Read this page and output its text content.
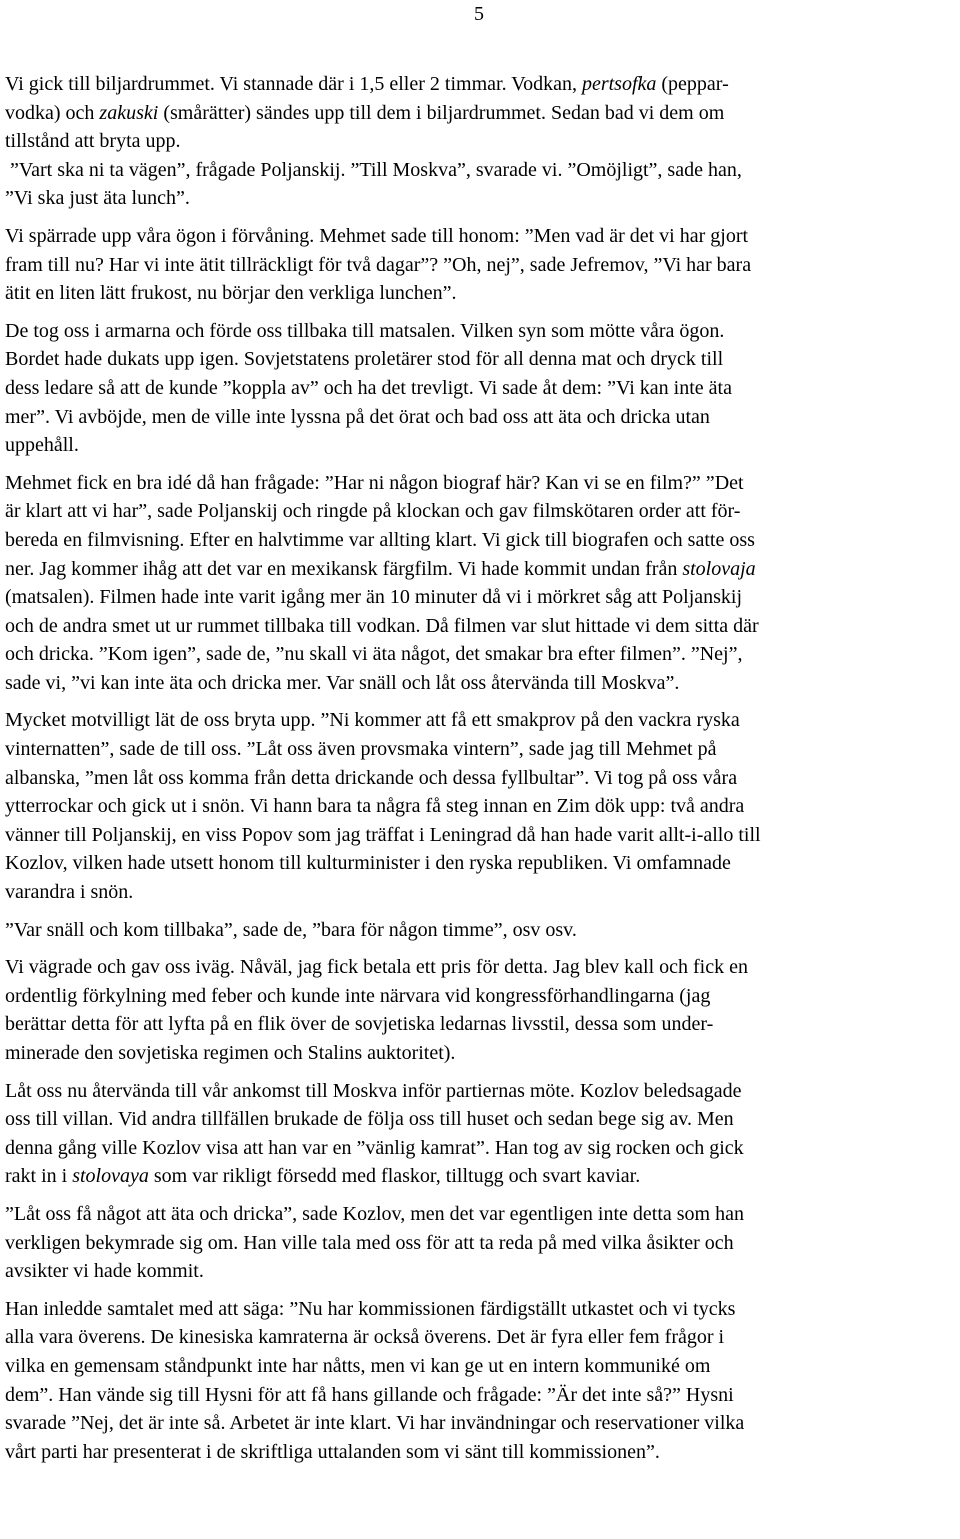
5

Vi gick till biljardrummet. Vi stannade där i 1,5 eller 2 timmar. Vodkan, pertsofka (peppar-
vodka) och zakuski (smårätter) sändes upp till dem i biljardrummet. Sedan bad vi dem om
tillstånd att bryta upp.
”Vart ska ni ta vägen”, frågade Poljanskij. ”Till Moskva”, svarade vi. ”Omöjligt”, sade han,
”Vi ska just äta lunch”.

Vi spärrade upp våra ögon i förvåning. Mehmet sade till honom: ”Men vad är det vi har gjort
fram till nu? Har vi inte ätit tillräckligt för två dagar”? ”Oh, nej”, sade Jefremov, ”Vi har bara
ätit en liten lätt frukost, nu börjar den verkliga lunchen”.

De tog oss i armarna och förde oss tillbaka till matsalen. Vilken syn som mötte våra ögon.
Bordet hade dukats upp igen. Sovjetstatens proletärer stod för all denna mat och dryck till
dess ledare så att de kunde ”koppla av” och ha det trevligt. Vi sade åt dem: ”Vi kan inte äta
mer”. Vi avböjde, men de ville inte lyssna på det örat och bad oss att äta och dricka utan
uppehåll.

Mehmet fick en bra idé då han frågade: ”Har ni någon biograf här? Kan vi se en film?” ”Det
är klart att vi har”, sade Poljanskij och ringde på klockan och gav filmskötaren order att för-
bereda en filmvisning. Efter en halvtimme var allting klart. Vi gick till biografen och satte oss
ner. Jag kommer ihåg att det var en mexikansk färgfilm. Vi hade kommit undan från stolovaja
(matsalen). Filmen hade inte varit igång mer än 10 minuter då vi i mörkret såg att Poljanskij
och de andra smet ut ur rummet tillbaka till vodkan. Då filmen var slut hittade vi dem sitta där
och dricka. ”Kom igen”, sade de, ”nu skall vi äta något, det smakar bra efter filmen”. ”Nej”,
sade vi, ”vi kan inte äta och dricka mer. Var snäll och låt oss återvända till Moskva”.

Mycket motvilligt lät de oss bryta upp. ”Ni kommer att få ett smakprov på den vackra ryska
vinternatten”, sade de till oss. ”Låt oss även provsmaka vintern”, sade jag till Mehmet på
albanska, ”men låt oss komma från detta drickande och dessa fyllbultar”. Vi tog på oss våra
ytterrockar och gick ut i snön. Vi hann bara ta några få steg innan en Zim dök upp: två andra
vänner till Poljanskij, en viss Popov som jag träffat i Leningrad då han hade varit allt-i-allo till
Kozlov, vilken hade utsett honom till kulturminister i den ryska republiken. Vi omfamnade
varandra i snön.

”Var snäll och kom tillbaka”, sade de, ”bara för någon timme”, osv osv.

Vi vägrade och gav oss iväg. Nåväl, jag fick betala ett pris för detta. Jag blev kall och fick en
ordentlig förkylning med feber och kunde inte närvara vid kongressförhandlingarna (jag
berättar detta för att lyfta på en flik över de sovjetiska ledarnas livsstil, dessa som under-
minerade den sovjetiska regimen och Stalins auktoritet).

Låt oss nu återvända till vår ankomst till Moskva inför partiernas möte. Kozlov beledsagade
oss till villan. Vid andra tillfällen brukade de följa oss till huset och sedan bege sig av. Men
denna gång ville Kozlov visa att han var en ”vänlig kamrat”. Han tog av sig rocken och gick
rakt in i stolovaya som var rikligt försedd med flaskor, tilltugg och svart kaviar.

”Låt oss få något att äta och dricka”, sade Kozlov, men det var egentligen inte detta som han
verkligen bekymrade sig om. Han ville tala med oss för att ta reda på med vilka åsikter och
avsikter vi hade kommit.

Han inledde samtalet med att säga: ”Nu har kommissionen färdigställt utkastet och vi tycks
alla vara överens. De kinesiska kamraterna är också överens. Det är fyra eller fem frågor i
vilka en gemensam ståndpunkt inte har nåtts, men vi kan ge ut en intern kommuniké om
dem”. Han vände sig till Hysni för att få hans gillande och frågade: ”Är det inte så?” Hysni
svarade ”Nej, det är inte så. Arbetet är inte klart. Vi har invändningar och reservationer vilka
vårt parti har presenterat i de skriftliga uttalanden som vi sänt till kommissionen”.
